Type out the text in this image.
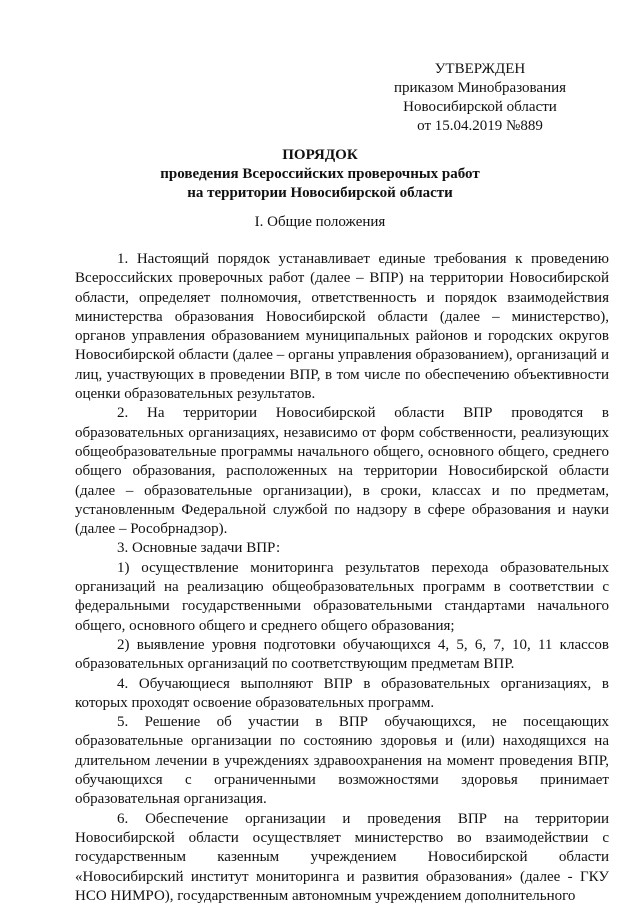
УТВЕРЖДЕН
приказом Минобразования
Новосибирской области
от 15.04.2019 №889
ПОРЯДОК
проведения Всероссийских проверочных работ
на территории Новосибирской области
I. Общие положения

1. Настоящий порядок устанавливает единые требования к проведению Всероссийских проверочных работ (далее – ВПР) на территории Новосибирской области, определяет полномочия, ответственность и порядок взаимодействия министерства образования Новосибирской области (далее – министерство), органов управления образованием муниципальных районов и городских округов Новосибирской области (далее – органы управления образованием), организаций и лиц, участвующих в проведении ВПР, в том числе по обеспечению объективности оценки образовательных результатов.

2. На территории Новосибирской области ВПР проводятся в образовательных организациях, независимо от форм собственности, реализующих общеобразовательные программы начального общего, основного общего, среднего общего образования, расположенных на территории Новосибирской области (далее – образовательные организации), в сроки, классах и по предметам, установленным Федеральной службой по надзору в сфере образования и науки (далее – Рособрнадзор).

3. Основные задачи ВПР:

1) осуществление мониторинга результатов перехода образовательных организаций на реализацию общеобразовательных программ в соответствии с федеральными государственными образовательными стандартами начального общего, основного общего и среднего общего образования;

2) выявление уровня подготовки обучающихся 4, 5, 6, 7, 10, 11 классов образовательных организаций по соответствующим предметам ВПР.

4. Обучающиеся выполняют ВПР в образовательных организациях, в которых проходят освоение образовательных программ.

5. Решение об участии в ВПР обучающихся, не посещающих образовательные организации по состоянию здоровья и (или) находящихся на длительном лечении в учреждениях здравоохранения на момент проведения ВПР, обучающихся с ограниченными возможностями здоровья принимает образовательная организация.

6. Обеспечение организации и проведения ВПР на территории Новосибирской области осуществляет министерство во взаимодействии с государственным казенным учреждением Новосибирской области «Новосибирский институт мониторинга и развития образования» (далее - ГКУ НСО НИМРО), государственным автономным учреждением дополнительного
